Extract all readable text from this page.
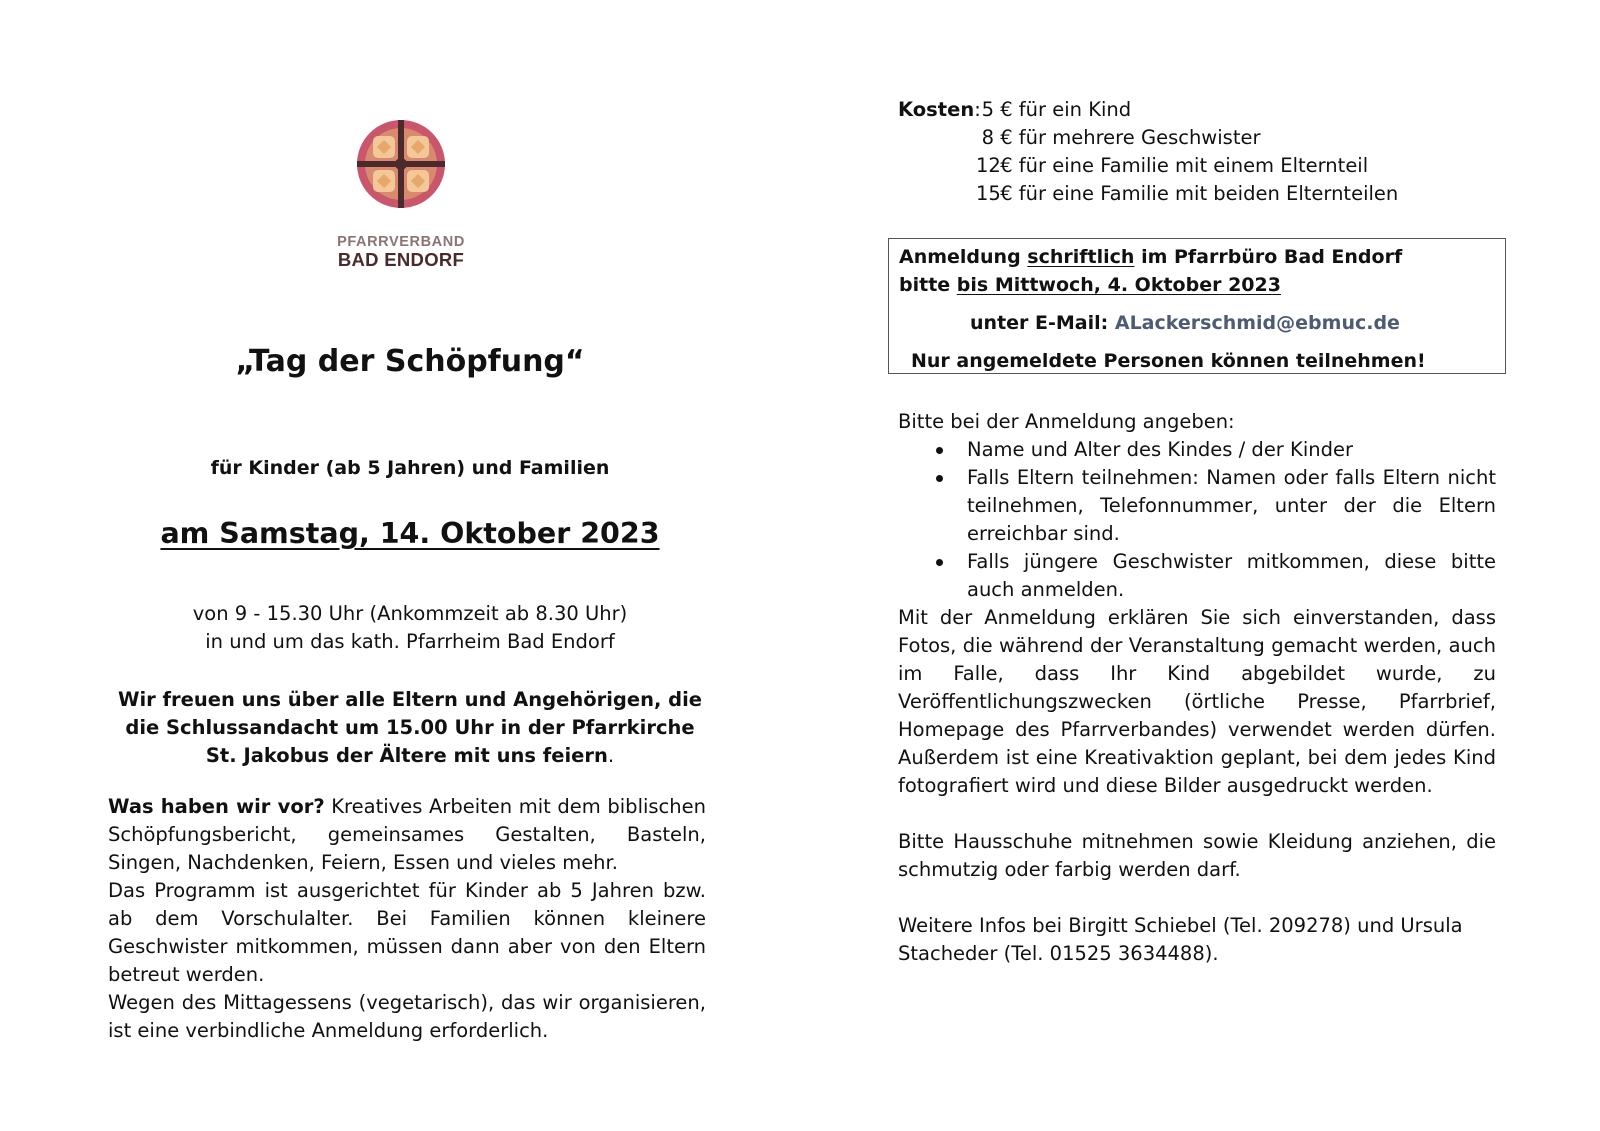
PFARRVERBAND
BAD ENDORF
„Tag der Schöpfung“
für Kinder (ab 5 Jahren) und Familien
am Samstag, 14. Oktober 2023
von 9 - 15.30 Uhr (Ankommzeit ab 8.30 Uhr)
in und um das kath. Pfarrheim Bad Endorf
Wir freuen uns über alle Eltern und Angehörigen, die die Schlussandacht um 15.00 Uhr in der Pfarrkirche St. Jakobus der Ältere mit uns feiern.

Was haben wir vor? Kreatives Arbeiten mit dem biblischen Schöpfungsbericht, gemeinsames Gestalten, Basteln, Singen, Nachdenken, Feiern, Essen und vieles mehr.

Das Programm ist ausgerichtet für Kinder ab 5 Jahren bzw. ab dem Vorschulalter. Bei Familien können kleinere Geschwister mitkommen, müssen dann aber von den Eltern betreut werden.

Wegen des Mittagessens (vegetarisch), das wir organisieren, ist eine verbindliche Anmeldung erforderlich.

Kosten: 5 € für ein Kind
8 € für mehrere Geschwister
12 € für eine Familie mit einem Elternteil
15 € für eine Familie mit beiden Elternteilen
Anmeldung schriftlich im Pfarrbüro Bad Endorf
bitte bis Mittwoch, 4. Oktober 2023
unter E-Mail: ALackerschmid@ebmuc.de
Nur angemeldete Personen können teilnehmen!

Bitte bei der Anmeldung angeben:

Name und Alter des Kindes / der Kinder
Falls Eltern teilnehmen: Namen oder falls Eltern nicht teilnehmen, Telefonnummer, unter der die Eltern erreichbar sind.
Falls jüngere Geschwister mitkommen, diese bitte auch anmelden.

Mit der Anmeldung erklären Sie sich einverstanden, dass Fotos, die während der Veranstaltung gemacht werden, auch im Falle, dass Ihr Kind abgebildet wurde, zu Veröffentlichungszwecken (örtliche Presse, Pfarrbrief, Homepage des Pfarrverbandes) verwendet werden dürfen. Außerdem ist eine Kreativaktion geplant, bei dem jedes Kind fotografiert wird und diese Bilder ausgedruckt werden.

Bitte Hausschuhe mitnehmen sowie Kleidung anziehen, die schmutzig oder farbig werden darf.

Weitere Infos bei Birgitt Schiebel (Tel. 209278) und Ursula Stacheder (Tel. 01525 3634488).
